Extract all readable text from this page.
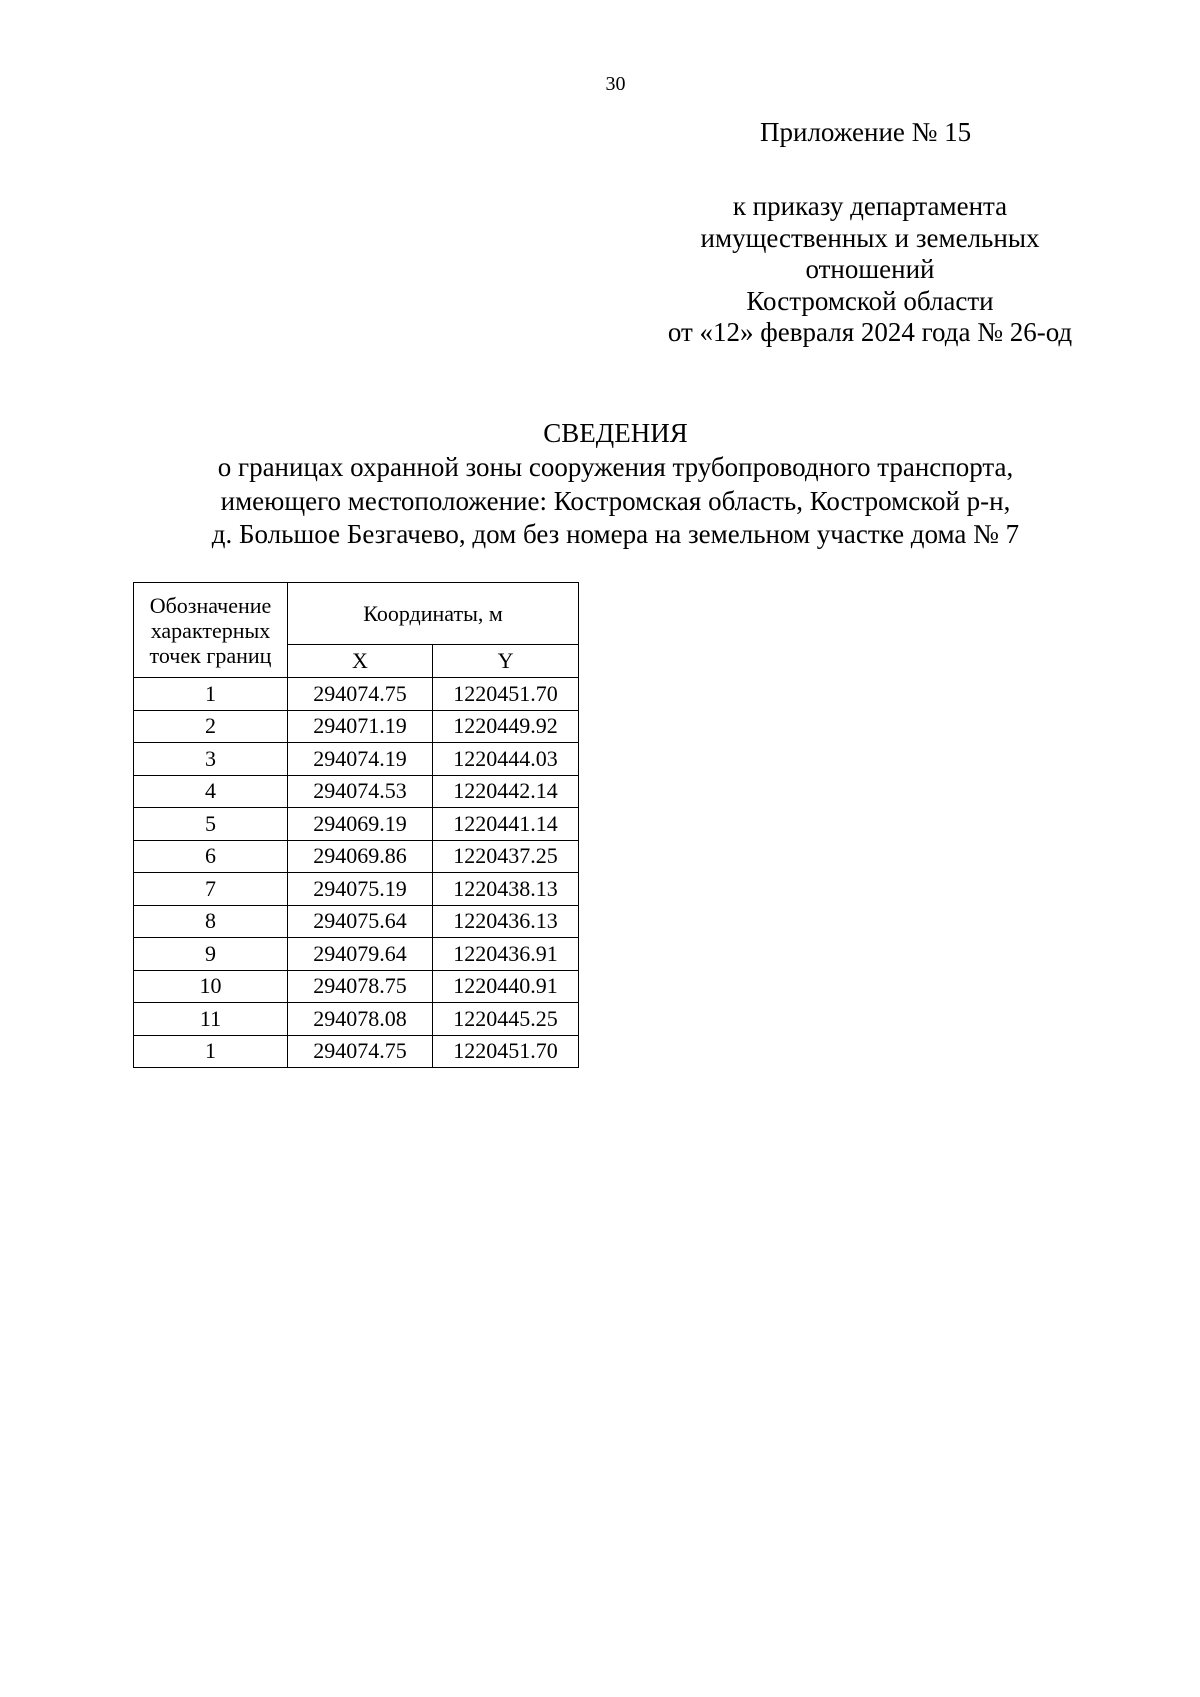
30
Приложение № 15
к приказу департамента
имущественных и земельных
отношений
Костромской области
от «12» февраля 2024 года № 26-од
СВЕДЕНИЯ
о границах охранной зоны сооружения трубопроводного транспорта,
имеющего местоположение: Костромская область, Костромской р-н,
д. Большое Безгачево, дом без номера на земельном участке дома № 7
Обозначение
характерных
точек границ	Координаты, м	
	X	Y
1	294074.75	1220451.70
2	294071.19	1220449.92
3	294074.19	1220444.03
4	294074.53	1220442.14
5	294069.19	1220441.14
6	294069.86	1220437.25
7	294075.19	1220438.13
8	294075.64	1220436.13
9	294079.64	1220436.91
10	294078.75	1220440.91
11	294078.08	1220445.25
1	294074.75	1220451.70
